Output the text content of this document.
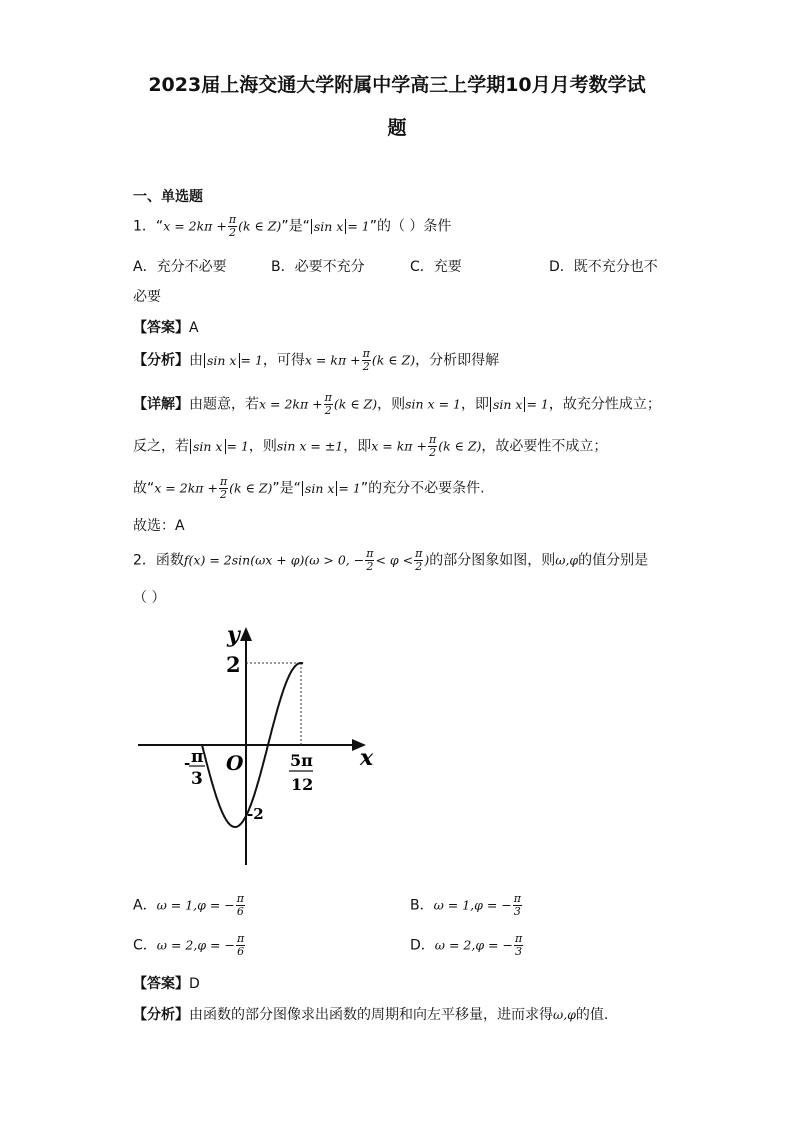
2023届上海交通大学附属中学高三上学期10月月考数学试
题
一、单选题
1．“$x = 2k\pi + \frac{\pi}{2} (k$ ∈ Z)”是“ sin x = 1”的（ ）条件
A．充分不必要	B．必要不充分	C．充要	D．既不充分也不
必要
【答案】A
【分析】由 sin x = 1，可得$x = k\pi + \frac{\pi}{2} (k$ ∈ Z)，分析即得解
【详解】由题意，若$x = 2k\pi + \frac{\pi}{2} (k$ ∈ Z)，则sin x = 1，即 sin x = 1，故充分性成立；
反之，若 sin x = 1，则sin x = ±1，即$x = k\pi + \frac{\pi}{2} (k$ ∈ Z)，故必要性不成立；
故“$x = 2k\pi + \frac{\pi}{2} (k$ ∈ Z)”是“ sin x = 1”的充分不必要条件.
故选：A
2．函数f(x) = 2sin(ωx + φ)(ω > 0, − $\frac{\pi}{2} < \varphi < \frac{\pi}{2}$ )的部分图象如图，则ω,φ的值分别是
（ ）
y
x
O
2
-2
- π
3
5π
12
A．ω = 1,φ = − $\frac{\pi}{6}$	B．ω = 1,φ = − $\frac{\pi}{3}$
C．ω = 2,φ = − $\frac{\pi}{6}$	D．ω = 2,φ = − $\frac{\pi}{3}$
【答案】D
【分析】由函数的部分图像求出函数的周期和向左平移量，进而求得ω,φ的值.
